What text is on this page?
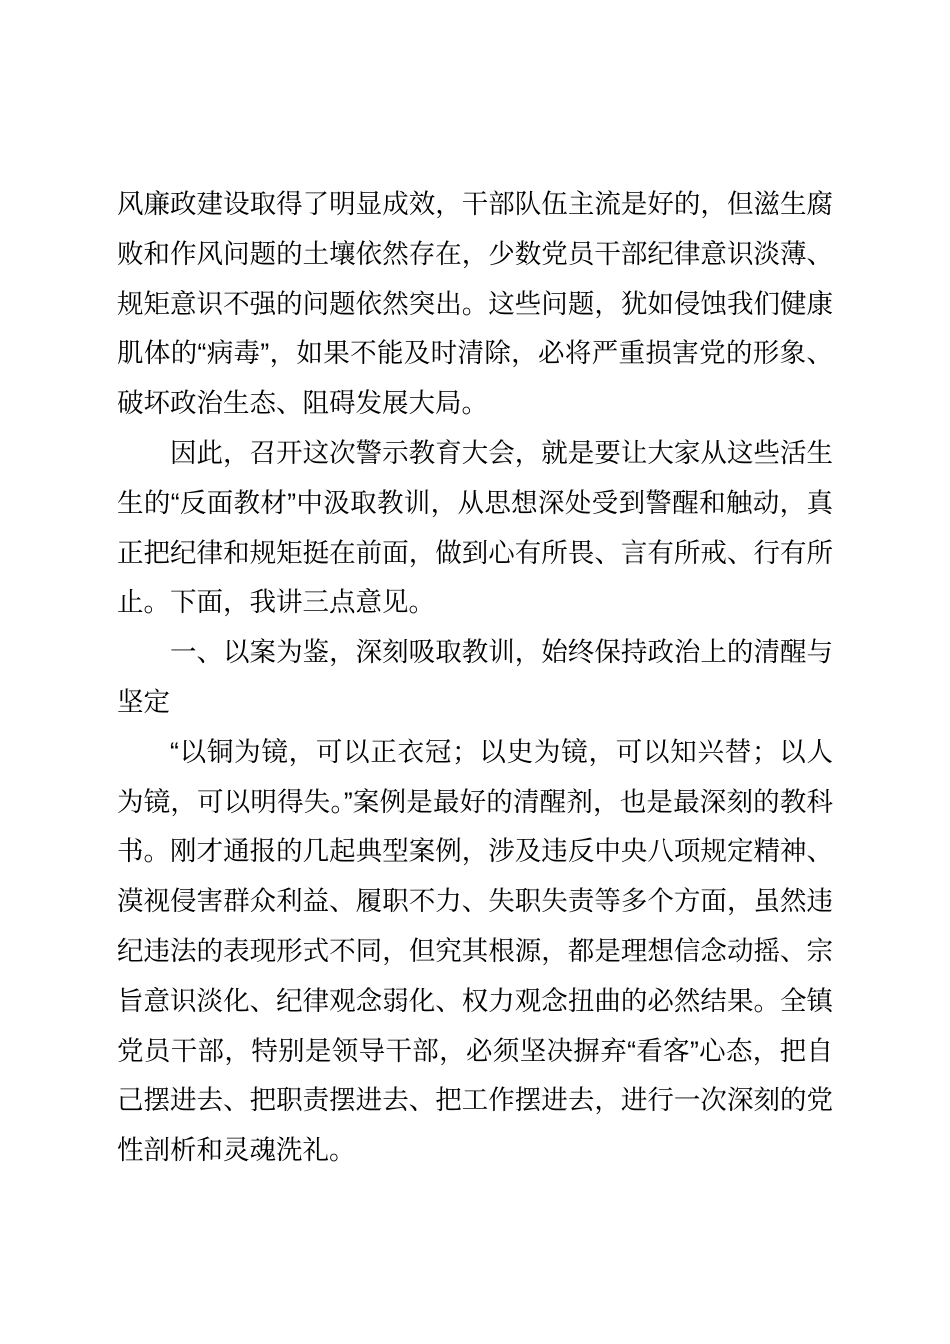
风廉政建设取得了明显成效，干部队伍主流是好的，但滋生腐败和作风问题的土壤依然存在，少数党员干部纪律意识淡薄、规矩意识不强的问题依然突出。这些问题，犹如侵蚀我们健康肌体的“病毒”，如果不能及时清除，必将严重损害党的形象、破坏政治生态、阻碍发展大局。

因此，召开这次警示教育大会，就是要让大家从这些活生生的“反面教材”中汲取教训，从思想深处受到警醒和触动，真正把纪律和规矩挺在前面，做到心有所畏、言有所戒、行有所止。下面，我讲三点意见。

一、以案为鉴，深刻吸取教训，始终保持政治上的清醒与坚定

“以铜为镜，可以正衣冠；以史为镜，可以知兴替；以人为镜，可以明得失。”案例是最好的清醒剂，也是最深刻的教科书。刚才通报的几起典型案例，涉及违反中央八项规定精神、漠视侵害群众利益、履职不力、失职失责等多个方面，虽然违纪违法的表现形式不同，但究其根源，都是理想信念动摇、宗旨意识淡化、纪律观念弱化、权力观念扭曲的必然结果。全镇党员干部，特别是领导干部，必须坚决摒弃“看客”心态，把自己摆进去、把职责摆进去、把工作摆进去，进行一次深刻的党性剖析和灵魂洗礼。
